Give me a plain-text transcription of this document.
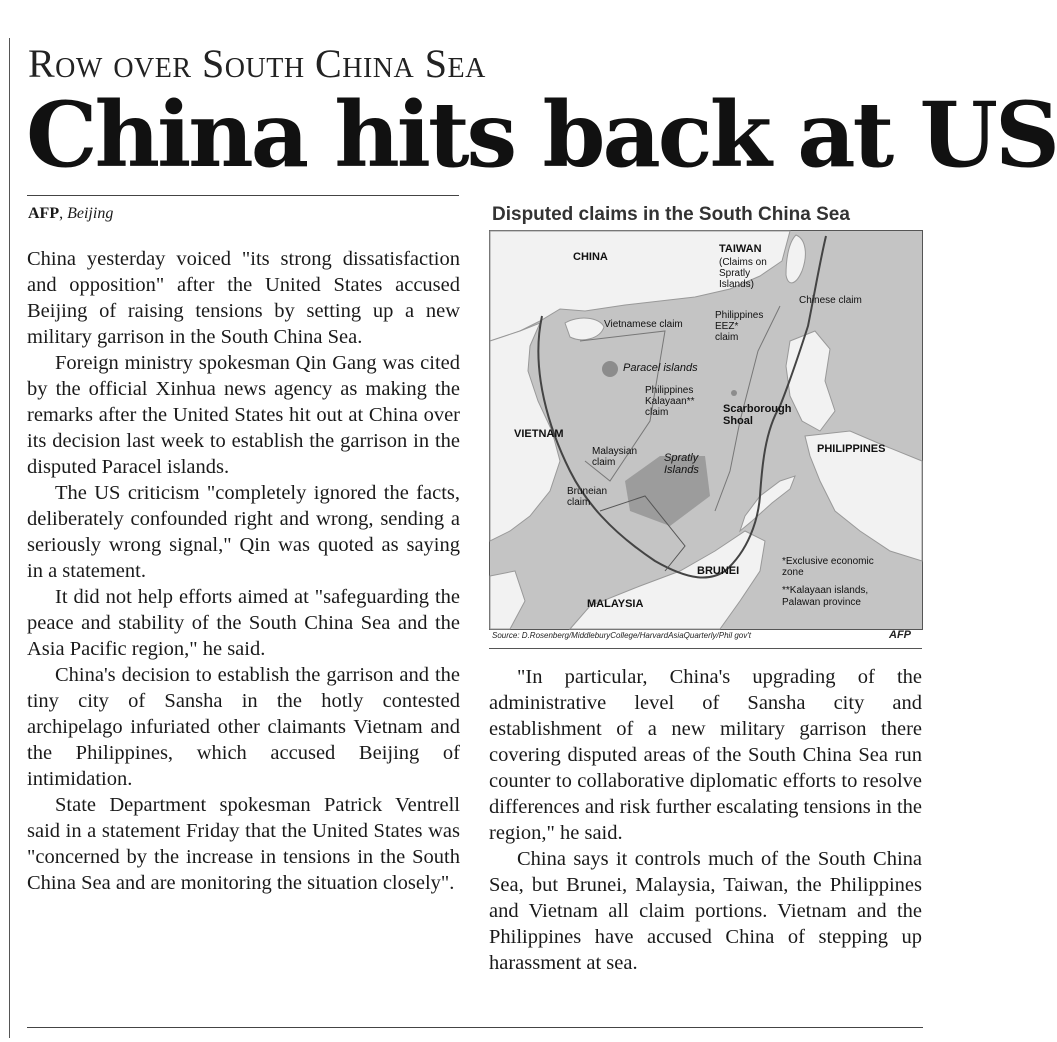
Row over South China Sea
China hits back at US
AFP, Beijing

China yesterday voiced "its strong dissatisfaction and opposition" after the United States accused Beijing of raising tensions by setting up a new military garrison in the South China Sea.

Foreign ministry spokesman Qin Gang was cited by the official Xinhua news agency as making the remarks after the United States hit out at China over its decision last week to establish the garrison in the disputed Paracel islands.

The US criticism "completely ignored the facts, deliberately confounded right and wrong, sending a seriously wrong signal," Qin was quoted as saying in a statement.

It did not help efforts aimed at "safeguarding the peace and stability of the South China Sea and the Asia Pacific region," he said.

China's decision to establish the garrison and the tiny city of Sansha in the hotly contested archipelago infuriated other claimants Vietnam and the Philippines, which accused Beijing of intimidation.

State Department spokesman Patrick Ventrell said in a statement Friday that the United States was "concerned by the increase in tensions in the South China Sea and are monitoring the situation closely".

Disputed claims in the South China Sea
CHINA
TAIWAN
(Claims on
Spratly
Islands)
Chinese claim
Vietnamese claim
Philippines
EEZ*
claim
Paracel islands
Philippines
Kalayaan**
claim	Scarborough
Shoal
VIETNAM
PHILIPPINES
Malaysian
claim	Spratly
Islands
Bruneian
claim
BRUNEI
MALAYSIA
*Exclusive economic
zone
**Kalayaan islands,
Palawan province
Source: D.Rosenberg/MiddleburyCollege/HarvardAsiaQuarterly/Phil gov't	AFP

"In particular, China's upgrading of the administrative level of Sansha city and establishment of a new military garrison there covering disputed areas of the South China Sea run counter to collaborative diplomatic efforts to resolve differences and risk further escalating tensions in the region," he said.

China says it controls much of the South China Sea, but Brunei, Malaysia, Taiwan, the Philippines and Vietnam all claim portions. Vietnam and the Philippines have accused China of stepping up harassment at sea.
